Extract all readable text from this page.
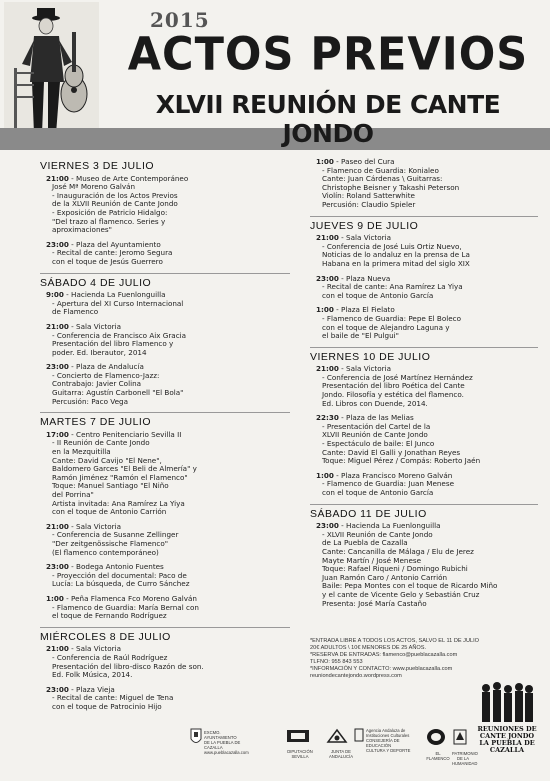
2015
ACTOS PREVIOS
XLVII REUNIÓN DE CANTE JONDO
VIERNES 3 DE JULIO
21:00 - Museo de Arte Contemporáneo
José Mª Moreno Galván
- Inauguración de los Actos Previos
de la XLVII Reunión de Cante Jondo
- Exposición de Patricio Hidalgo:
"Del trazo al flamenco. Series y
aproximaciones"
23:00 - Plaza del Ayuntamiento
- Recital de cante: Jeromo Segura
con el toque de Jesús Guerrero
SÁBADO 4 DE JULIO
9:00 - Hacienda La Fuenlonguilla
- Apertura del XI Curso Internacional
de Flamenco
21:00 - Sala Victoria
- Conferencia de Francisco Aix Gracia
Presentación del libro Flamenco y
poder. Ed. Iberautor, 2014
23:00 - Plaza de Andalucía
- Concierto de Flamenco-Jazz:
Contrabajo: Javier Colina
Guitarra: Agustín Carbonell "El Bola"
Percusión: Paco Vega
MARTES 7 DE JULIO
17:00 - Centro Penitenciario Sevilla II
- II Reunión de Cante Jondo
en la Mezquitilla
Cante: David Cavijo "El Nene",
Baldomero Garces "El Beli de Almería" y
Ramón Jiménez "Ramón el Flamenco"
Toque: Manuel Santiago "El Niño
del Porrina"
Artista invitada: Ana Ramírez La Yiya
con el toque de Antonio Carrión
21:00 - Sala Victoria
- Conferencia de Susanne Zellinger
"Der zeitgenössische Flamenco"
(El flamenco contemporáneo)
23:00 - Bodega Antonio Fuentes
- Proyección del documental: Paco de
Lucía: La búsqueda, de Curro Sánchez
1:00 - Peña Flamenca Fco Moreno Galván
- Flamenco de Guardia: María Bernal con
el toque de Fernando Rodríguez
MIÉRCOLES 8 DE JULIO
21:00 - Sala Victoria
- Conferencia de Raúl Rodríguez
Presentación del libro-disco Razón de son.
Ed. Folk Música, 2014.
23:00 - Plaza Vieja
- Recital de cante: Miguel de Tena
con el toque de Patrocinio Hijo
1:00 - Paseo del Cura
- Flamenco de Guardia: Konialeo
Cante: Juan Cárdenas \ Guitarras:
Christophe Beisner y Takashi Peterson
Violín: Roland Satterwhite
Percusión: Claudio Spieler
JUEVES 9 DE JULIO
21:00 - Sala Victoria
- Conferencia de José Luis Ortiz Nuevo,
Noticias de lo andaluz en la prensa de La
Habana en la primera mitad del siglo XIX
23:00 - Plaza Nueva
- Recital de cante: Ana Ramírez La Yiya
con el toque de Antonio García
1:00 - Plaza El Fielato
- Flamenco de Guardia: Pepe El Boleco
con el toque de Alejandro Laguna y
el baile de "El Pulgui"
VIERNES 10 DE JULIO
21:00 - Sala Victoria
- Conferencia de José Martínez Hernández
Presentación del libro Poética del Cante
Jondo. Filosofía y estética del flamenco.
Ed. Libros con Duende, 2014.
22:30 - Plaza de las Melias
- Presentación del Cartel de la
XLVII Reunión de Cante Jondo
- Espectáculo de baile: El Junco
Cante: David El Galli y Jonathan Reyes
Toque: Miguel Pérez / Compás: Roberto Jaén
1:00 - Plaza Francisco Moreno Galván
- Flamenco de Guardia: Juan Menese
con el toque de Antonio García
SÁBADO 11 DE JULIO
23:00 - Hacienda La Fuenlonguilla
- XLVII Reunión de Cante Jondo
de La Puebla de Cazalla
Cante: Cancanilla de Málaga / Elu de Jerez
Mayte Martín / José Menese
Toque: Rafael Riqueni / Domingo Rubichi
Juan Ramón Caro / Antonio Carrión
Baile: Pepa Montes con el toque de Ricardo Miño
y el cante de Vicente Gelo y Sebastián Cruz
Presenta: José María Castaño
*ENTRADA LIBRE A TODOS LOS ACTOS, SALVO EL 11 DE JULIO
20€ ADULTOS \ 10€ MENORES DE 25 AÑOS.
*RESERVA DE ENTRADAS: flamenco@pueblacazalla.com
TLFNO: 955 843 553
*INFORMACIÓN Y CONTACTO: www.pueblacazalla.com
reuniondecantejondo.wordpress.com
REUNIONES DE
CANTE JONDO
LA PUEBLA DE CAZALLA
EXCMO. AYUNTAMIENTO
DE LA PUEBLA DE CAZALLA
www.pueblacazalla.com	DIPUTACIÓN
SEVILLA
JUNTA DE ANDALUCÍA
Agencia Andaluza de Instituciones Culturales
CONSEJERÍA DE EDUCACIÓN
CULTURA Y DEPORTE
EL FLAMENCO
PATRIMONIO DE LA HUMANIDAD
